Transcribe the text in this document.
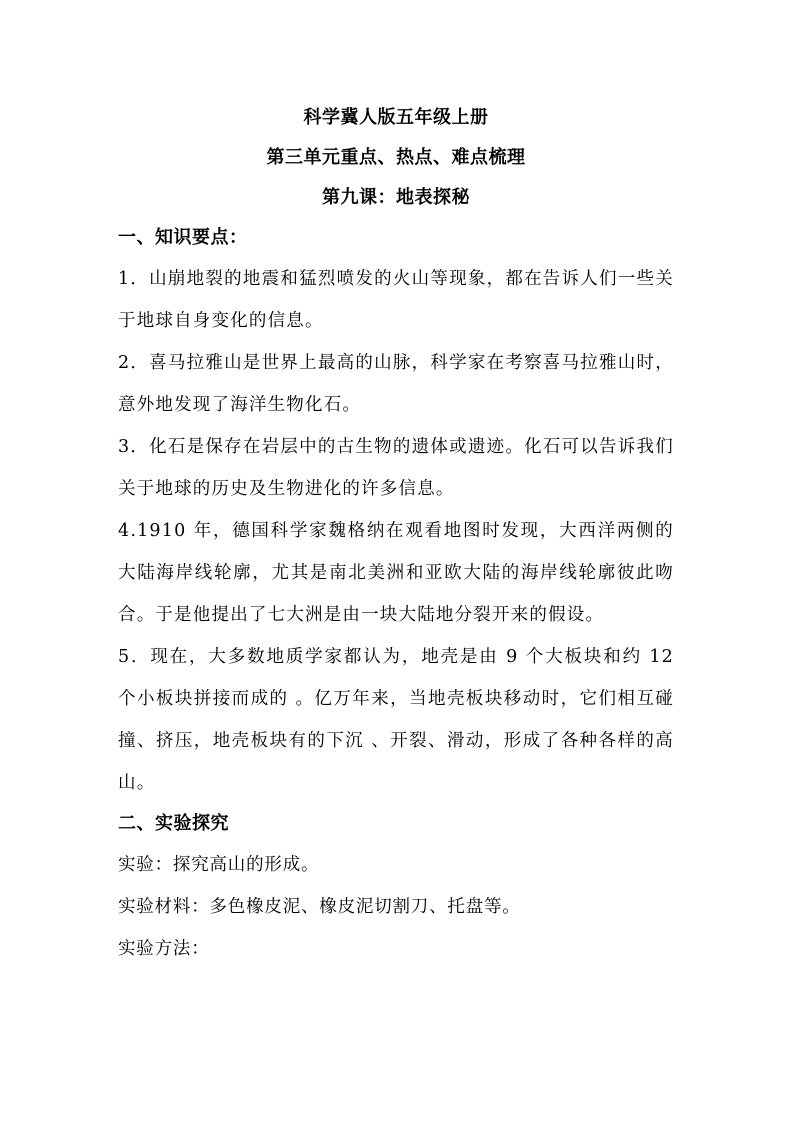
科学冀人版五年级上册

第三单元重点、热点、难点梳理

第九课：地表探秘

一、知识要点：

1．山崩地裂的地震和猛烈喷发的火山等现象，都在告诉人们一些关于地球自身变化的信息。

2．喜马拉雅山是世界上最高的山脉，科学家在考察喜马拉雅山时，意外地发现了海洋生物化石。

3．化石是保存在岩层中的古生物的遗体或遗迹。化石可以告诉我们关于地球的历史及生物进化的许多信息。

4.1910 年，德国科学家魏格纳在观看地图时发现，大西洋两侧的大陆海岸线轮廓，尤其是南北美洲和亚欧大陆的海岸线轮廓彼此吻合。于是他提出了七大洲是由一块大陆地分裂开来的假设。

5．现在，大多数地质学家都认为，地壳是由 9 个大板块和约 12 个小板块拼接而成的 。亿万年来，当地壳板块移动时，它们相互碰撞、挤压，地壳板块有的下沉 、开裂、滑动，形成了各种各样的高山。

二、实验探究

实验：探究高山的形成。

实验材料：多色橡皮泥、橡皮泥切割刀、托盘等。

实验方法：
